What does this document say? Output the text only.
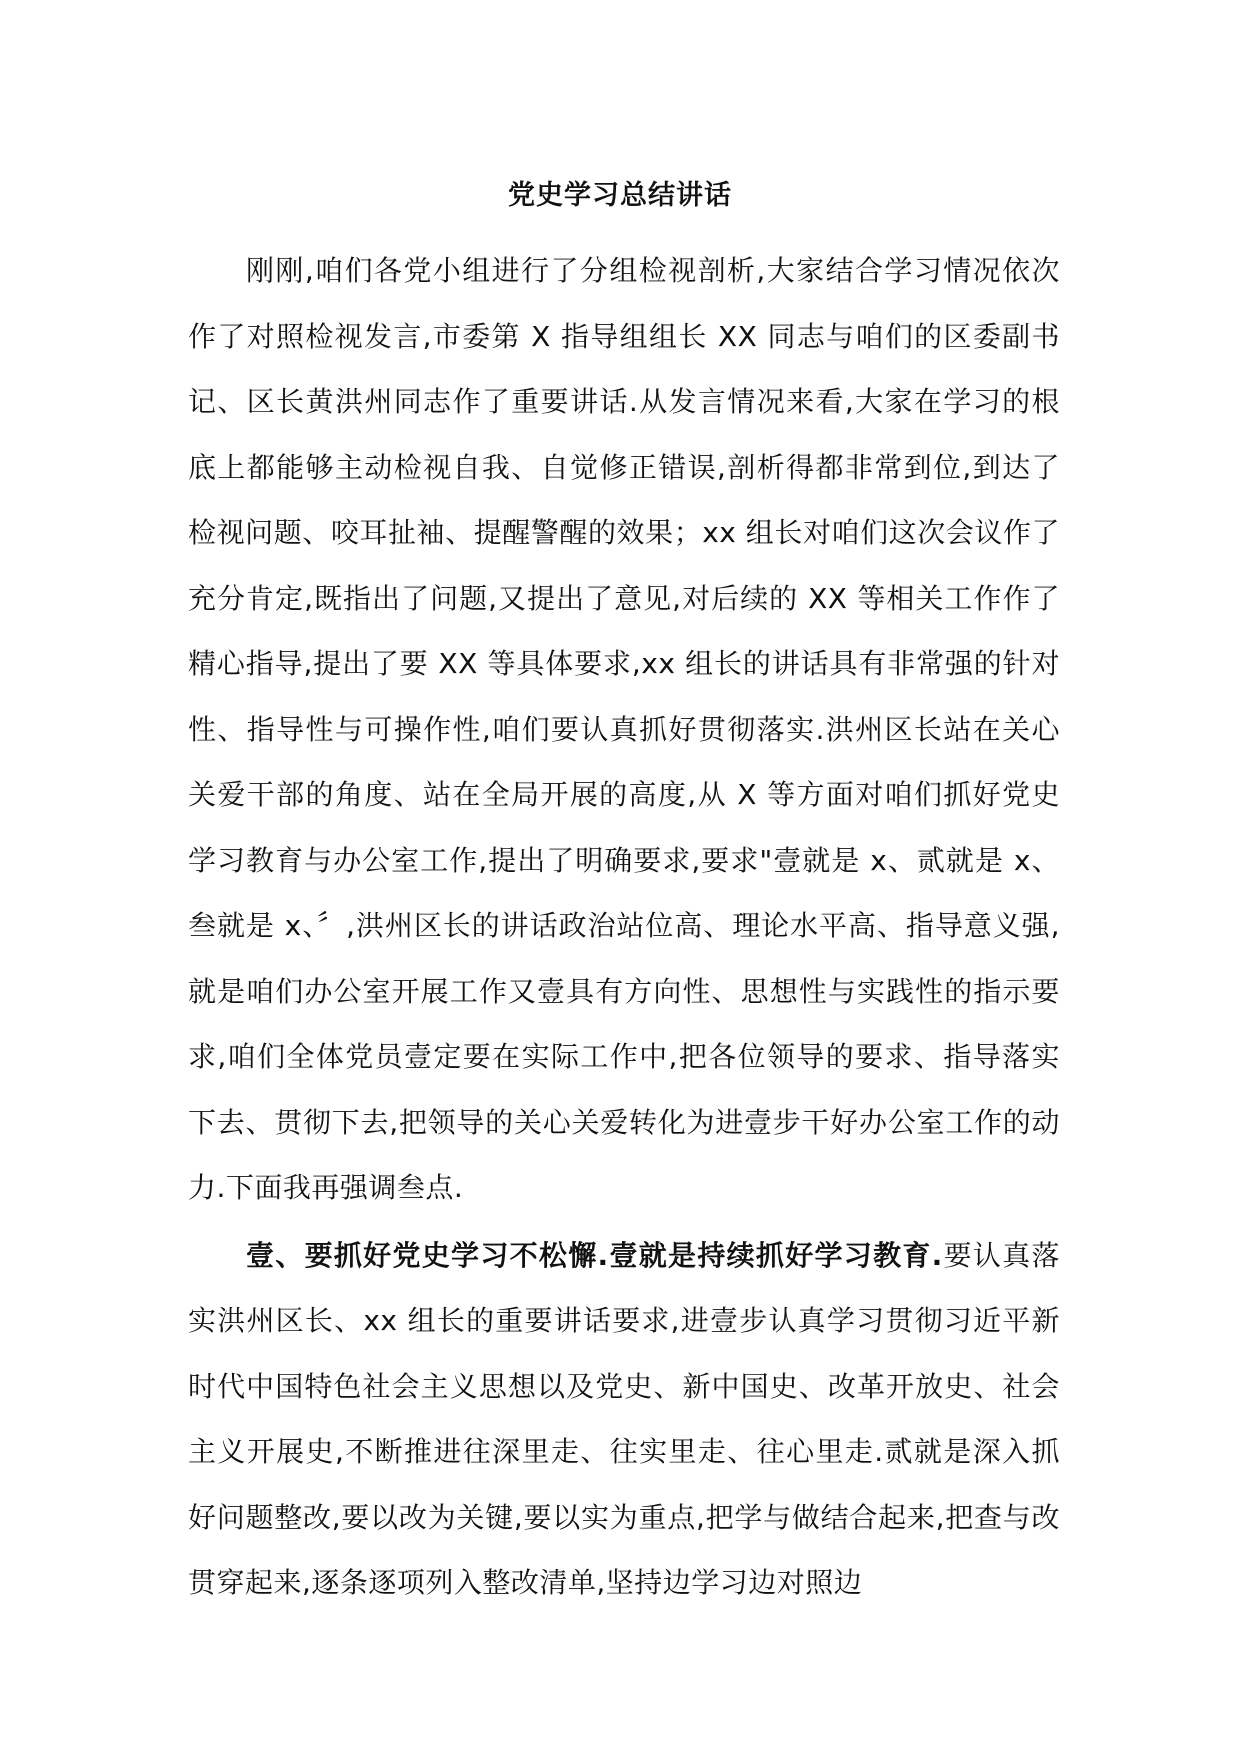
党史学习总结讲话

刚刚,咱们各党小组进行了分组检视剖析,大家结合学习情况依次作了对照检视发言,市委第 X 指导组组长 XX 同志与咱们的区委副书记、区长黄洪州同志作了重要讲话.从发言情况来看,大家在学习的根底上都能够主动检视自我、自觉修正错误,剖析得都非常到位,到达了检视问题、咬耳扯袖、提醒警醒的效果；xx 组长对咱们这次会议作了充分肯定,既指出了问题,又提出了意见,对后续的 XX 等相关工作作了精心指导,提出了要 XX 等具体要求,xx 组长的讲话具有非常强的针对性、指导性与可操作性,咱们要认真抓好贯彻落实.洪州区长站在关心关爱干部的角度、站在全局开展的高度,从 X 等方面对咱们抓好党史学习教育与办公室工作,提出了明确要求,要求"壹就是 x、贰就是 x、叁就是 x、〞,洪州区长的讲话政治站位高、理论水平高、指导意义强,就是咱们办公室开展工作又壹具有方向性、思想性与实践性的指示要求,咱们全体党员壹定要在实际工作中,把各位领导的要求、指导落实下去、贯彻下去,把领导的关心关爱转化为进壹步干好办公室工作的动力.下面我再强调叁点.

壹、要抓好党史学习不松懈.壹就是持续抓好学习教育.要认真落实洪州区长、xx 组长的重要讲话要求,进壹步认真学习贯彻习近平新时代中国特色社会主义思想以及党史、新中国史、改革开放史、社会主义开展史,不断推进往深里走、往实里走、往心里走.贰就是深入抓好问题整改,要以改为关键,要以实为重点,把学与做结合起来,把查与改贯穿起来,逐条逐项列入整改清单,坚持边学习边对照边
